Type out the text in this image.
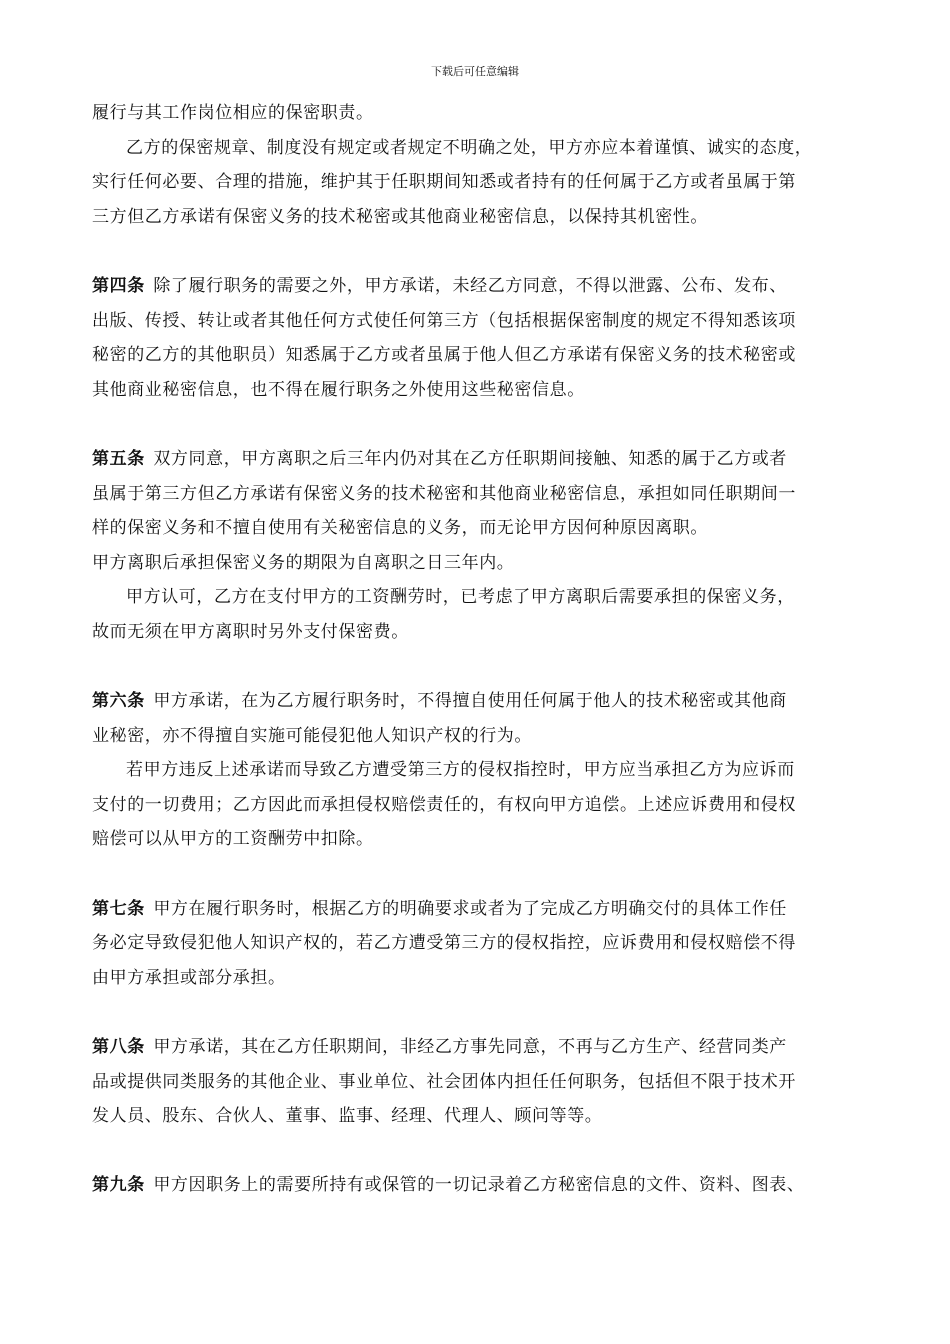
下载后可任意编辑

履行与其工作岗位相应的保密职责。

乙方的保密规章、制度没有规定或者规定不明确之处，甲方亦应本着谨慎、诚实的态度，
实行任何必要、合理的措施，维护其于任职期间知悉或者持有的任何属于乙方或者虽属于第
三方但乙方承诺有保密义务的技术秘密或其他商业秘密信息，以保持其机密性。

第四条 除了履行职务的需要之外，甲方承诺，未经乙方同意，不得以泄露、公布、发布、
出版、传授、转让或者其他任何方式使任何第三方（包括根据保密制度的规定不得知悉该项
秘密的乙方的其他职员）知悉属于乙方或者虽属于他人但乙方承诺有保密义务的技术秘密或
其他商业秘密信息，也不得在履行职务之外使用这些秘密信息。

第五条 双方同意，甲方离职之后三年内仍对其在乙方任职期间接触、知悉的属于乙方或者
虽属于第三方但乙方承诺有保密义务的技术秘密和其他商业秘密信息，承担如同任职期间一
样的保密义务和不擅自使用有关秘密信息的义务，而无论甲方因何种原因离职。

甲方离职后承担保密义务的期限为自离职之日三年内。

甲方认可，乙方在支付甲方的工资酬劳时，已考虑了甲方离职后需要承担的保密义务，
故而无须在甲方离职时另外支付保密费。

第六条 甲方承诺，在为乙方履行职务时，不得擅自使用任何属于他人的技术秘密或其他商
业秘密，亦不得擅自实施可能侵犯他人知识产权的行为。

若甲方违反上述承诺而导致乙方遭受第三方的侵权指控时，甲方应当承担乙方为应诉而
支付的一切费用；乙方因此而承担侵权赔偿责任的，有权向甲方追偿。上述应诉费用和侵权
赔偿可以从甲方的工资酬劳中扣除。

第七条 甲方在履行职务时，根据乙方的明确要求或者为了完成乙方明确交付的具体工作任
务必定导致侵犯他人知识产权的，若乙方遭受第三方的侵权指控，应诉费用和侵权赔偿不得
由甲方承担或部分承担。

第八条 甲方承诺，其在乙方任职期间，非经乙方事先同意，不再与乙方生产、经营同类产
品或提供同类服务的其他企业、事业单位、社会团体内担任任何职务，包括但不限于技术开
发人员、股东、合伙人、董事、监事、经理、代理人、顾问等等。

第九条 甲方因职务上的需要所持有或保管的一切记录着乙方秘密信息的文件、资料、图表、
